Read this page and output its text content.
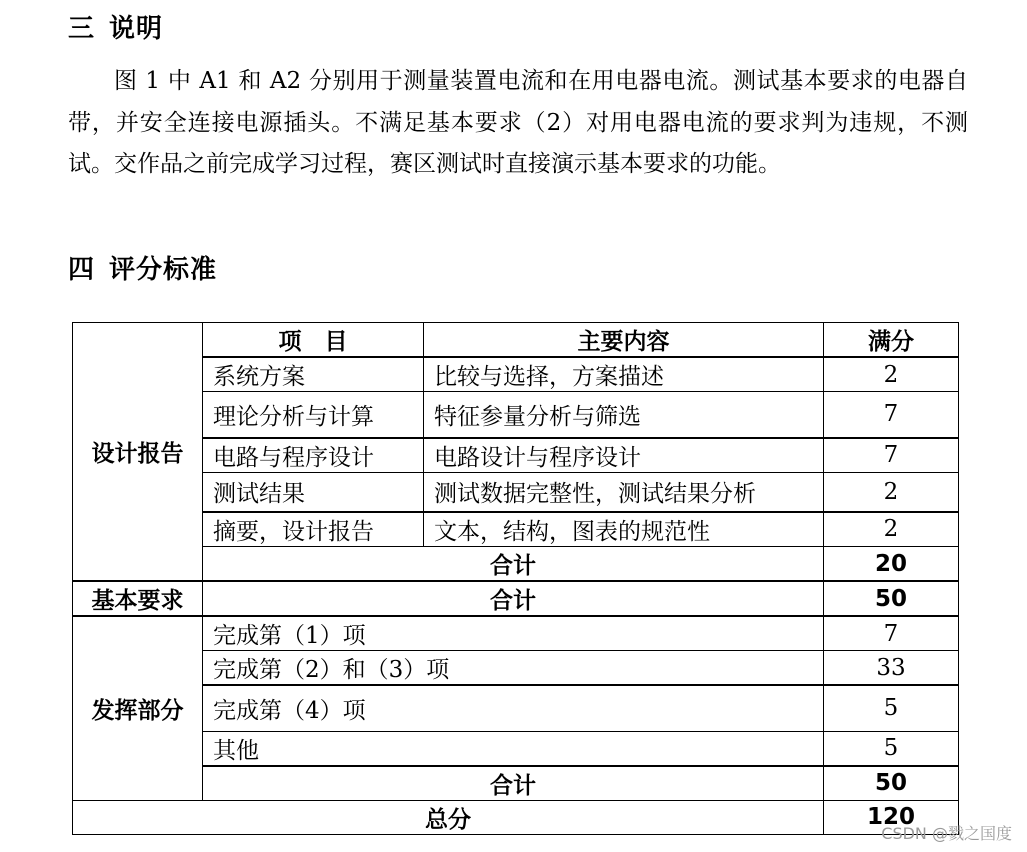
三 说明

图 1 中 A1 和 A2 分别用于测量装置电流和在用电器电流。测试基本要求的电器自带，并安全连接电源插头。不满足基本要求（2）对用电器电流的要求判为违规，不测试。交作品之前完成学习过程，赛区测试时直接演示基本要求的功能。

四 评分标准
设计报告	项　目	主要内容	满分
	系统方案	比较与选择，方案描述	2
	理论分析与计算	特征参量分析与筛选	7
	电路与程序设计	电路设计与程序设计	7
	测试结果	测试数据完整性，测试结果分析	2
	摘要，设计报告	文本，结构，图表的规范性	2
	合计		20
基本要求	合计		50
发挥部分	完成第（1）项		7
	完成第（2）和（3）项		33
	完成第（4）项		5
	其他		5
	合计		50
总分			120
CSDN @戮之国度
